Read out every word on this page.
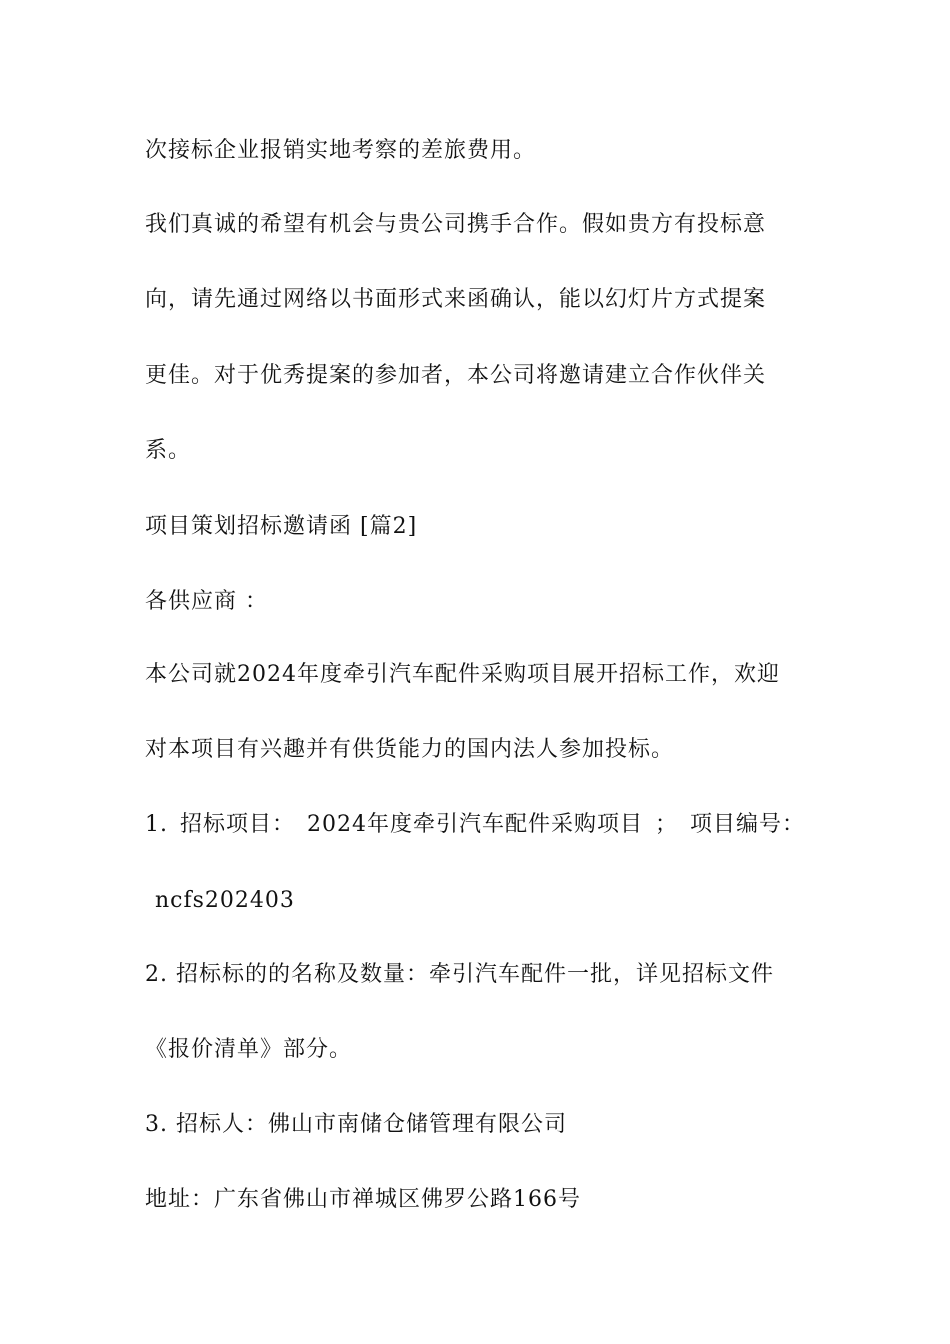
次接标企业报销实地考察的差旅费用。
我们真诚的希望有机会与贵公司携手合作。假如贵方有投标意
向，请先通过网络以书面形式来函确认，能以幻灯片方式提案
更佳。对于优秀提案的参加者，本公司将邀请建立合作伙伴关
系。
项目策划招标邀请函 [篇2]
各供应商 ：
本公司就2024年度牵引汽车配件采购项目展开招标工作，欢迎
对本项目有兴趣并有供货能力的国内法人参加投标。
1. 招标项目： 2024年度牵引汽车配件采购项目 ； 项目编号：
ncfs202403
2. 招标标的的名称及数量：牵引汽车配件一批，详见招标文件
《报价清单》部分。
3. 招标人：佛山市南储仓储管理有限公司
地址：广东省佛山市禅城区佛罗公路166号
